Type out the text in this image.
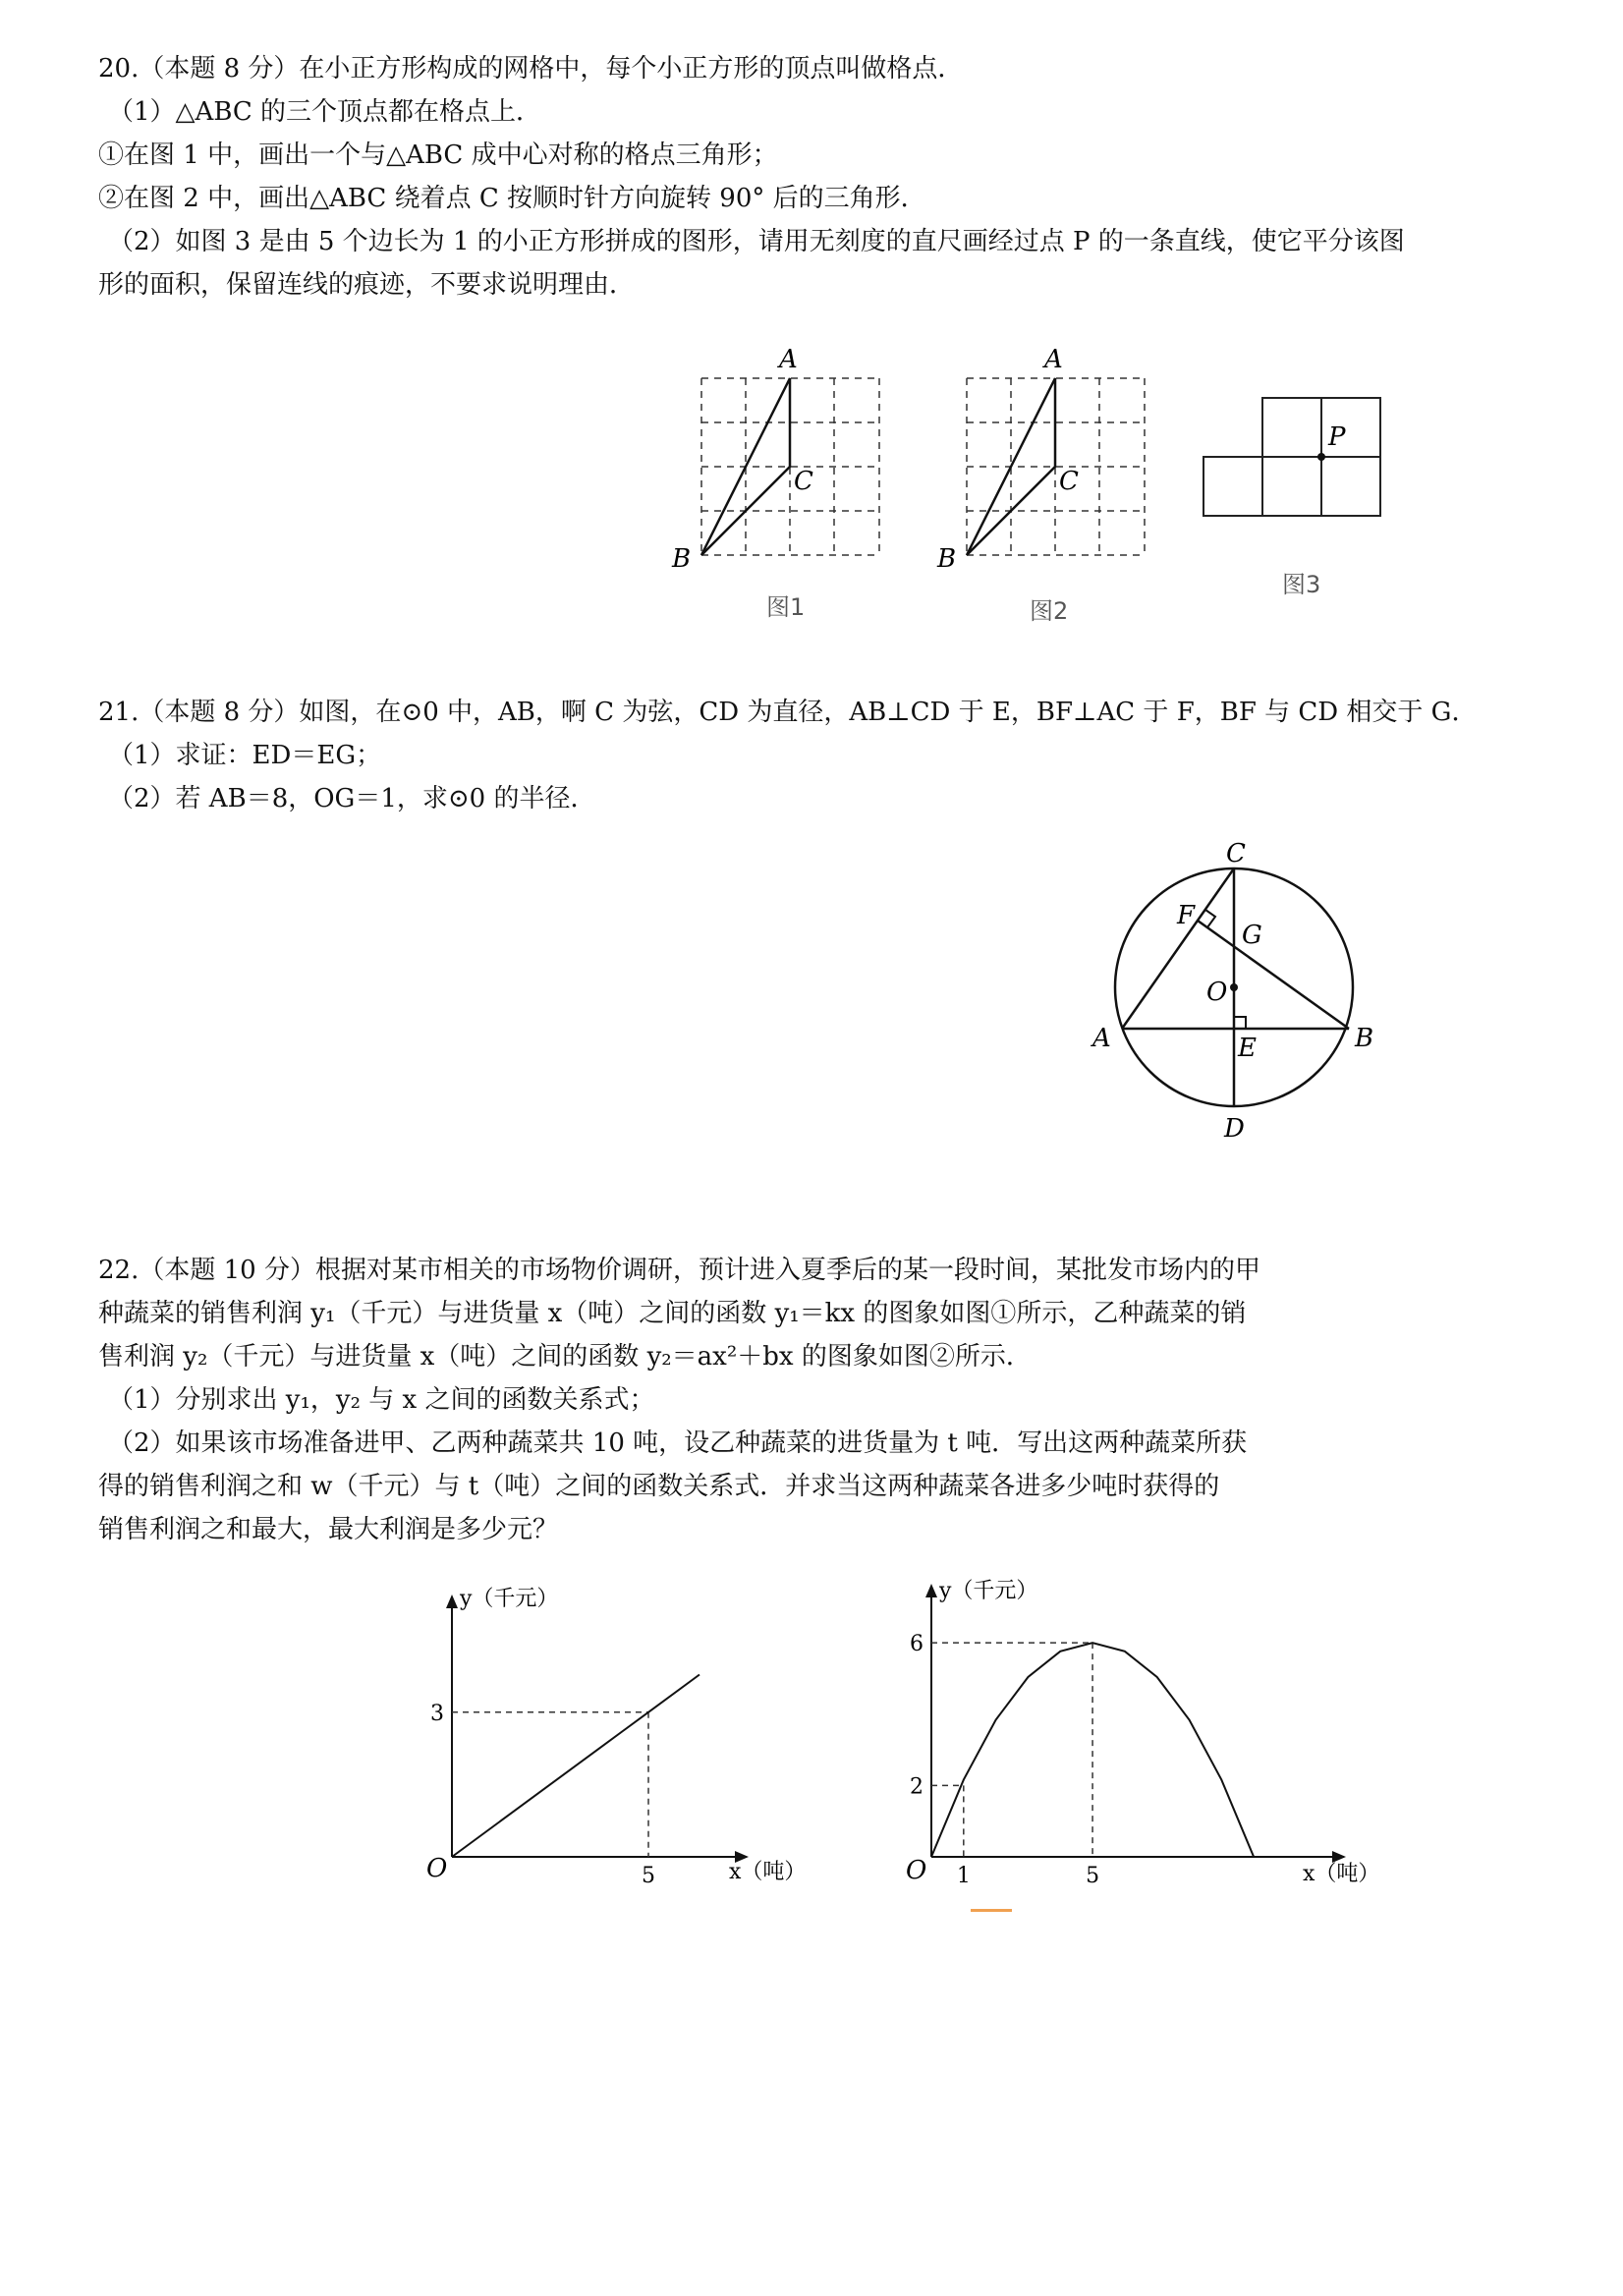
20.（本题 8 分）在小正方形构成的网格中，每个小正方形的顶点叫做格点．
（1）△ABC 的三个顶点都在格点上．
①在图 1 中，画出一个与△ABC 成中心对称的格点三角形；
②在图 2 中，画出△ABC 绕着点 C 按顺时针方向旋转 90° 后的三角形．
（2）如图 3 是由 5 个边长为 1 的小正方形拼成的图形，请用无刻度的直尺画经过点 P 的一条直线，使它平分该图
形的面积，保留连线的痕迹，不要求说明理由．
A
B
C
图1
A
B
C
图2
P
图3
21.（本题 8 分）如图，在⊙0 中，AB，啊 C 为弦，CD 为直径，AB⊥CD 于 E，BF⊥AC 于 F，BF 与 CD 相交于 G．
（1）求证：ED＝EG；
（2）若 AB＝8，OG＝1，求⊙0 的半径．
C
F
G
O
A	B
E
D
22.（本题 10 分）根据对某市相关的市场物价调研，预计进入夏季后的某一段时间，某批发市场内的甲
种蔬菜的销售利润 y₁（千元）与进货量 x（吨）之间的函数 y₁＝kx 的图象如图①所示，乙种蔬菜的销
售利润 y₂（千元）与进货量 x（吨）之间的函数 y₂＝ax²＋bx 的图象如图②所示．
（1）分别求出 y₁，y₂ 与 x 之间的函数关系式；
（2）如果该市场准备进甲、乙两种蔬菜共 10 吨，设乙种蔬菜的进货量为 t 吨．写出这两种蔬菜所获
得的销售利润之和 w（千元）与 t（吨）之间的函数关系式．并求当这两种蔬菜各进多少吨时获得的
销售利润之和最大，最大利润是多少元？
y（千元）
x（吨）
O	5
3
y（千元）
x（吨）
O 1	5
2
6
